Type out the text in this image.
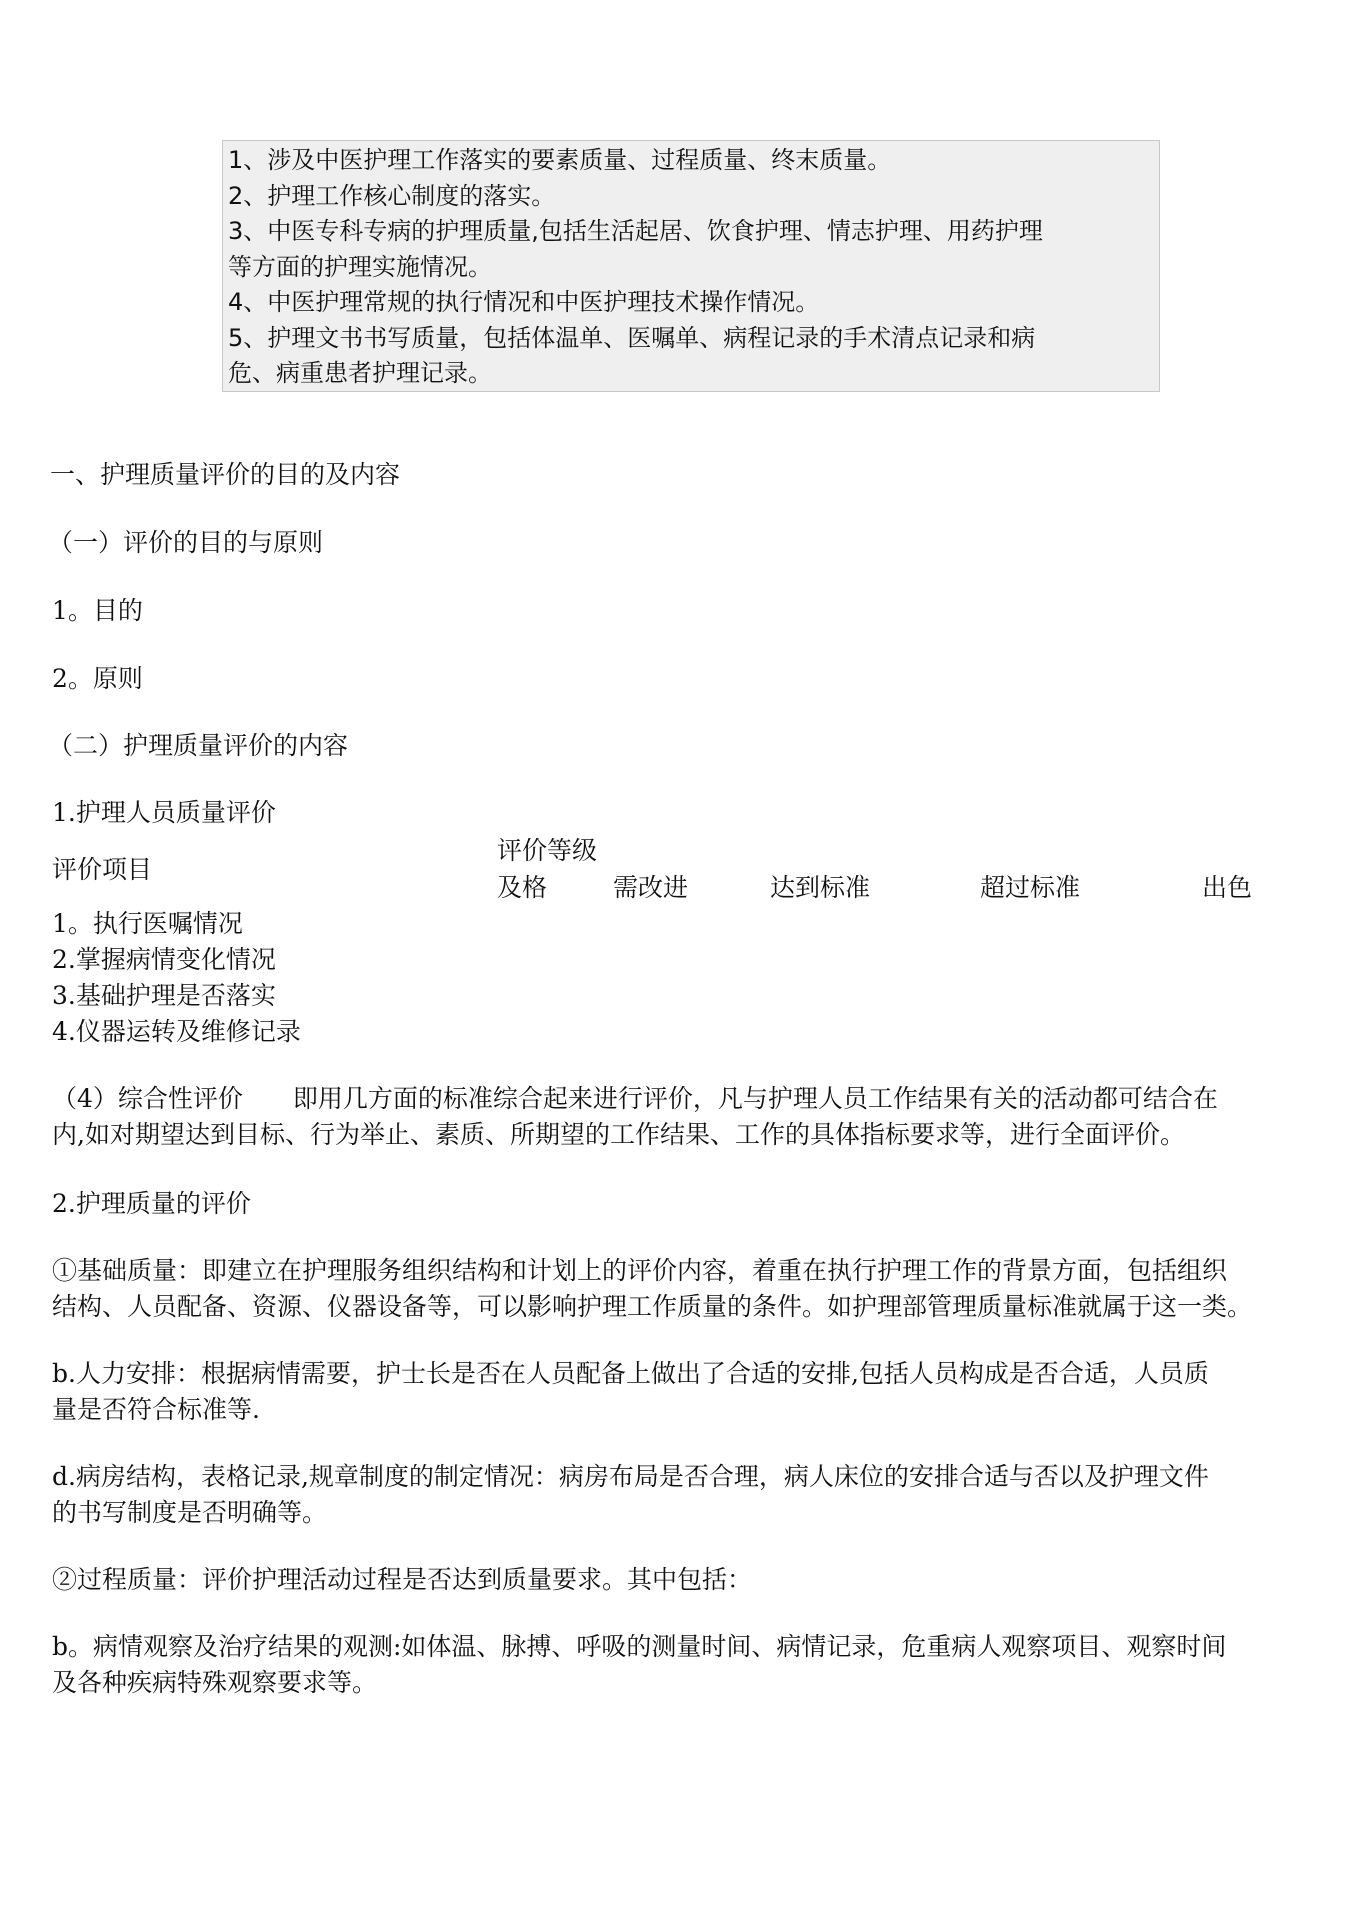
1、涉及中医护理工作落实的要素质量、过程质量、终末质量。

2、护理工作核心制度的落实。

3、中医专科专病的护理质量,包括生活起居、饮食护理、情志护理、用药护理

等方面的护理实施情况。

4、中医护理常规的执行情况和中医护理技术操作情况。

5、护理文书书写质量，包括体温单、医嘱单、病程记录的手术清点记录和病

危、病重患者护理记录。

一、护理质量评价的目的及内容

（一）评价的目的与原则

1。目的

2。原则

（二）护理质量评价的内容

1.护理人员质量评价

评价项目

评价等级

及格	需改进	达到标准	超过标准	出色

1。执行医嘱情况

2.掌握病情变化情况

3.基础护理是否落实

4.仪器运转及维修记录

（4）综合性评价　　即用几方面的标准综合起来进行评价，凡与护理人员工作结果有关的活动都可结合在
内,如对期望达到目标、行为举止、素质、所期望的工作结果、工作的具体指标要求等，进行全面评价。

2.护理质量的评价

①基础质量：即建立在护理服务组织结构和计划上的评价内容，着重在执行护理工作的背景方面，包括组织
结构、人员配备、资源、仪器设备等，可以影响护理工作质量的条件。如护理部管理质量标准就属于这一类。
b.人力安排：根据病情需要，护士长是否在人员配备上做出了合适的安排,包括人员构成是否合适，人员质
量是否符合标准等.
d.病房结构，表格记录,规章制度的制定情况：病房布局是否合理，病人床位的安排合适与否以及护理文件
的书写制度是否明确等。

②过程质量：评价护理活动过程是否达到质量要求。其中包括：

b。病情观察及治疗结果的观测:如体温、脉搏、呼吸的测量时间、病情记录，危重病人观察项目、观察时间
及各种疾病特殊观察要求等。
